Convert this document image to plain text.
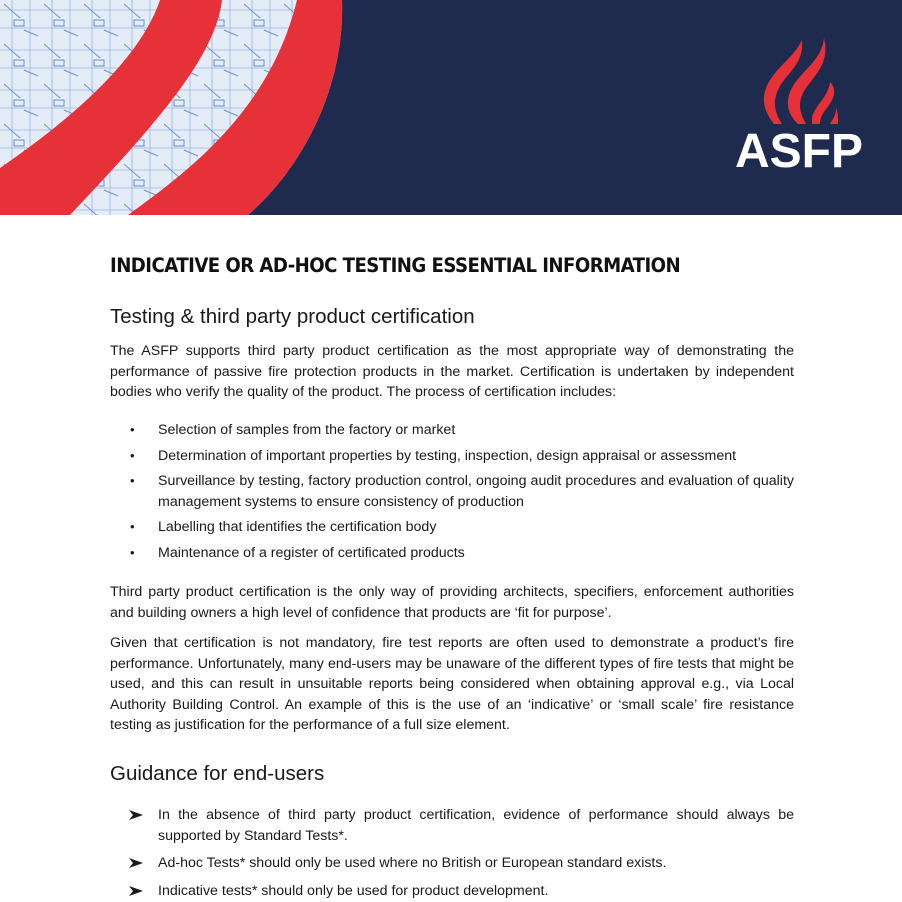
ASFP
INDICATIVE OR AD-HOC TESTING ESSENTIAL INFORMATION
Testing & third party product certification

The ASFP supports third party product certification as the most appropriate way of demonstrating the performance of passive fire protection products in the market. Certification is undertaken by independent bodies who verify the quality of the product. The process of certification includes:

• Selection of samples from the factory or market
• Determination of important properties by testing, inspection, design appraisal or assessment
• Surveillance by testing, factory production control, ongoing audit procedures and evaluation of quality management systems to ensure consistency of production
• Labelling that identifies the certification body
• Maintenance of a register of certificated products

Third party product certification is the only way of providing architects, specifiers, enforcement authorities and building owners a high level of confidence that products are ‘fit for purpose’.

Given that certification is not mandatory, fire test reports are often used to demonstrate a product’s fire performance. Unfortunately, many end-users may be unaware of the different types of fire tests that might be used, and this can result in unsuitable reports being considered when obtaining approval e.g., via Local Authority Building Control. An example of this is the use of an ‘indicative’ or ‘small scale’ fire resistance testing as justification for the performance of a full size element.

Guidance for end-users
In the absence of third party product certification, evidence of performance should always be supported by Standard Tests*.
Ad-hoc Tests* should only be used where no British or European standard exists.
Indicative tests* should only be used for product development.
